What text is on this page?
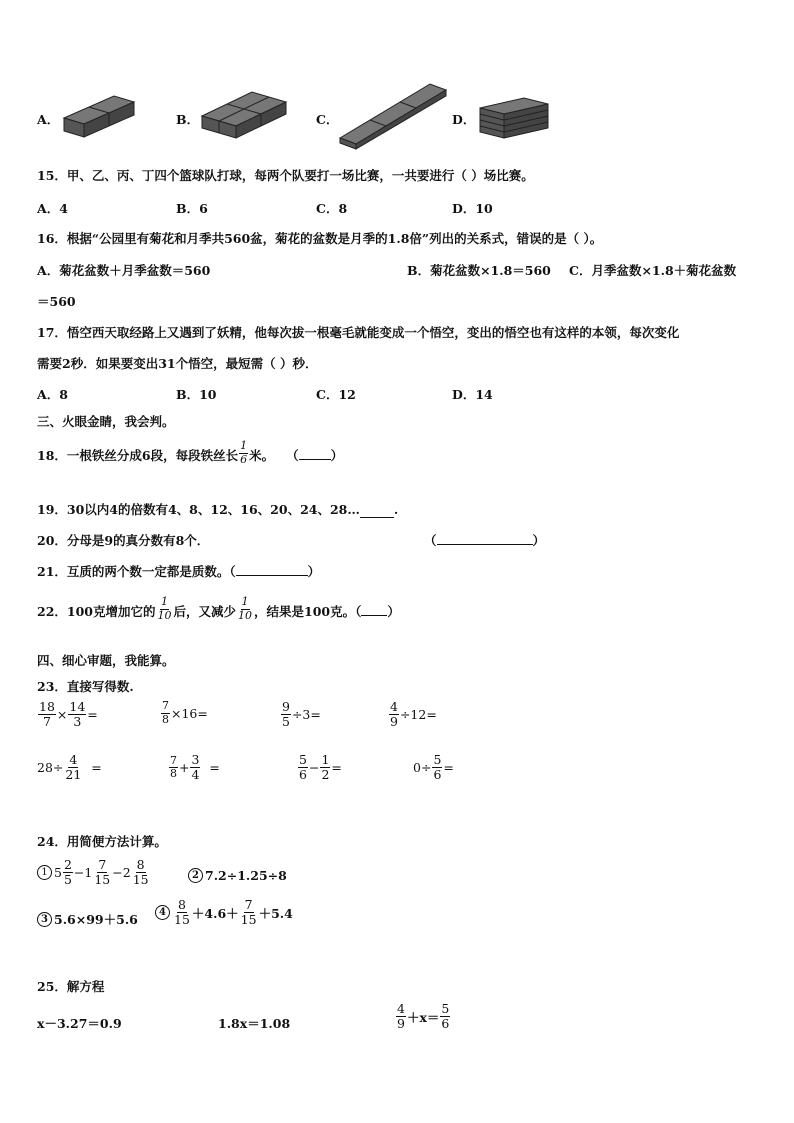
A．	B．	C．	D．
15．甲、乙、丙、丁四个篮球队打球，每两个队要打一场比赛，一共要进行（ ）场比赛。
A．4	B．6	C．8	D．10
16．根据“公园里有菊花和月季共560盆，菊花的盆数是月季的1.8倍”列出的关系式，错误的是（ ）。
A．菊花盆数＋月季盆数＝560	B．菊花盆数×1.8＝560 C．月季盆数×1.8＋菊花盆数
＝560
17．悟空西天取经路上又遇到了妖精，他每次拔一根毫毛就能变成一个悟空，变出的悟空也有这样的本领，每次变化
需要2秒．如果要变出31个悟空，最短需（ ）秒．
A．8	B．10	C．12	D．14
三、火眼金睛，我会判。
18．一根铁丝分成6段，每段铁丝长 $\frac{1}{6}$ 米。 （	）
19．30以内4的倍数有4、8、12、16、20、24、28…	.
20．分母是9的真分数有8个．	（	）
21．互质的两个数一定都是质数。（	）
22．100克增加它的 $\frac{1}{10}$ 后，又减少 $\frac{1}{10}$ ，结果是100克。（	）
四、细心审题，我能算。
23．直接写得数.
$\frac{18}{7} \times \frac{14}{3}$ =	$\frac{7}{8} \times 16=$	$\frac{9}{5} \div 3=$	$\frac{4}{9} \div 12=$
$28\div \frac{4}{21}$ =	$\frac{7}{8} + \frac{3}{4}$ =	$\frac{5}{6} - \frac{1}{2}$ =	$0\div \frac{5}{6}$ =
24．用简便方法计算。
1 $5 \frac{2}{5} -1 \frac{7}{15} -2 \frac{8}{15}$	2 7.2÷1.25÷8
3 5.6×99＋5.6	$4 \frac{8}{15} +4.6+ \frac{7}{15} +5.4$
25．解方程
x－3.27＝0.9	1.8x＝1.08	$\frac{4}{9} +x= \frac{5}{6}$
